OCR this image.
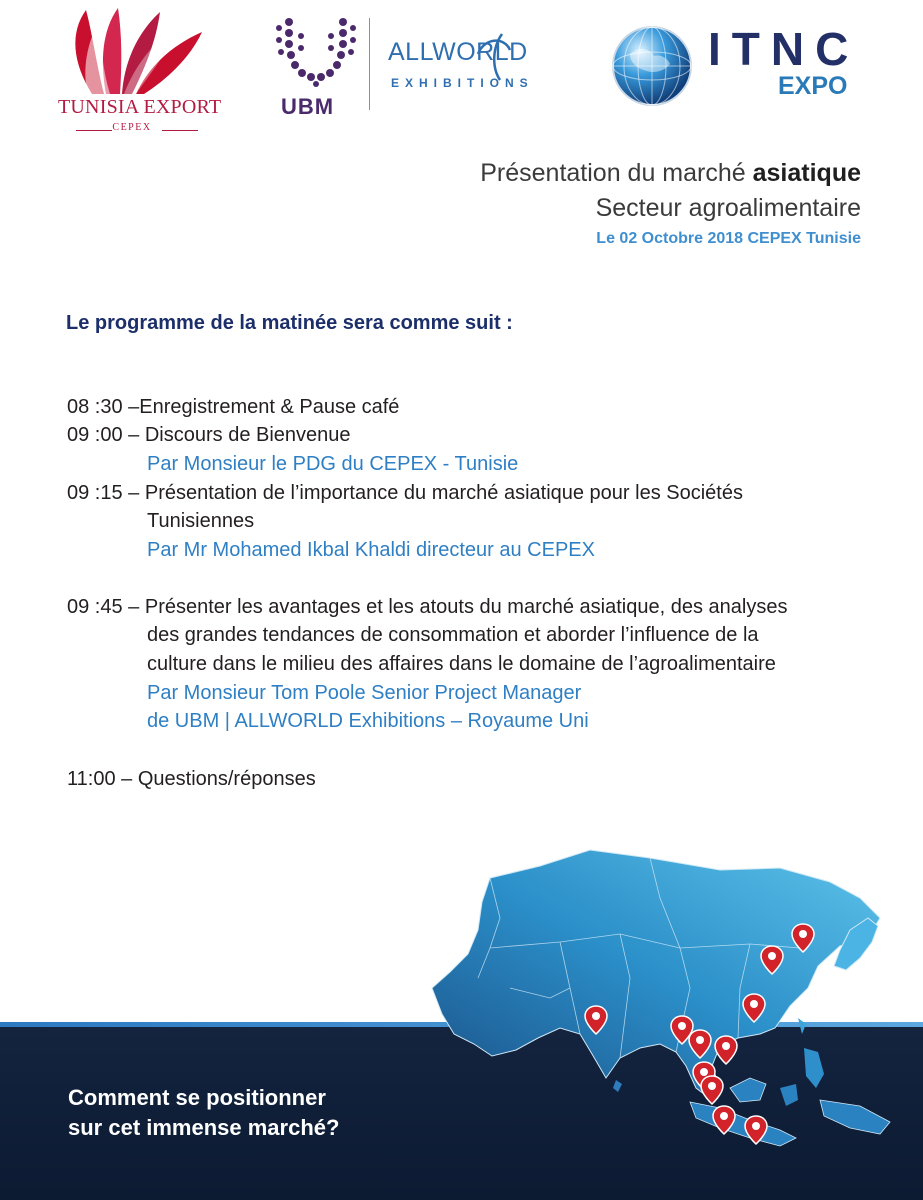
TUNISIA EXPORT
CEPEX
UBM
ALLWORLD
EXHIBITIONS
ITNC
EXPO
Présentation du marché asiatique
Secteur agroalimentaire
Le 02 Octobre 2018 CEPEX Tunisie
Le programme de la matinée sera comme suit :
08 :30 –Enregistrement & Pause café
09 :00 – Discours de Bienvenue
Par Monsieur le PDG du CEPEX - Tunisie
09 :15 – Présentation de l’importance du marché asiatique pour les Sociétés
Tunisiennes
Par Mr Mohamed Ikbal Khaldi directeur au CEPEX
09 :45 – Présenter les avantages et les atouts du marché asiatique, des analyses
des grandes tendances de consommation et aborder l’influence de la
culture dans le milieu des affaires dans le domaine de l’agroalimentaire
Par Monsieur Tom Poole Senior Project Manager
de UBM | ALLWORLD Exhibitions – Royaume Uni
11:00 – Questions/réponses
Comment se positionner
sur cet immense marché?
